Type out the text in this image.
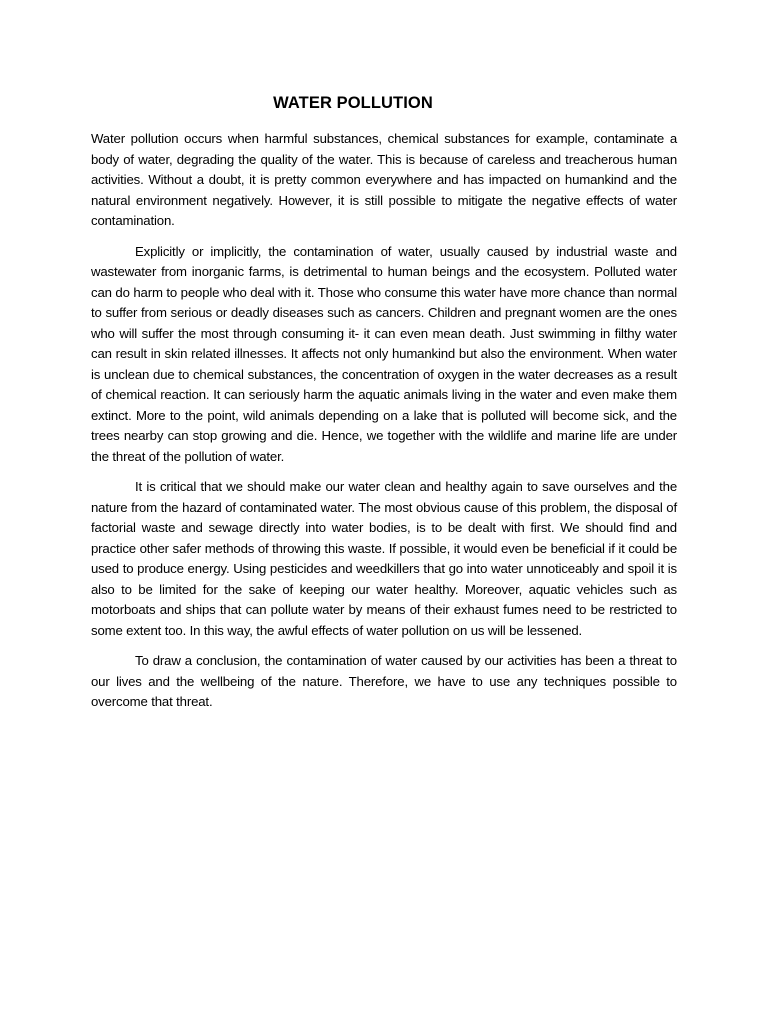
WATER POLLUTION

Water pollution occurs when harmful substances, chemical substances for example, contaminate a body of water, degrading the quality of the water. This is because of careless and treacherous human activities. Without a doubt, it is pretty common everywhere and has impacted on humankind and the natural environment negatively. However, it is still possible to mitigate the negative effects of water contamination.

Explicitly or implicitly, the contamination of water, usually caused by industrial waste and wastewater from inorganic farms, is detrimental to human beings and the ecosystem. Polluted water can do harm to people who deal with it. Those who consume this water have more chance than normal to suffer from serious or deadly diseases such as cancers. Children and pregnant women are the ones who will suffer the most through consuming it- it can even mean death. Just swimming in filthy water can result in skin related illnesses. It affects not only humankind but also the environment. When water is unclean due to chemical substances, the concentration of oxygen in the water decreases as a result of chemical reaction. It can seriously harm the aquatic animals living in the water and even make them extinct. More to the point, wild animals depending on a lake that is polluted will become sick, and the trees nearby can stop growing and die. Hence, we together with the wildlife and marine life are under the threat of the pollution of water.

It is critical that we should make our water clean and healthy again to save ourselves and the nature from the hazard of contaminated water. The most obvious cause of this problem, the disposal of factorial waste and sewage directly into water bodies, is to be dealt with first. We should find and practice other safer methods of throwing this waste. If possible, it would even be beneficial if it could be used to produce energy. Using pesticides and weedkillers that go into water unnoticeably and spoil it is also to be limited for the sake of keeping our water healthy. Moreover, aquatic vehicles such as motorboats and ships that can pollute water by means of their exhaust fumes need to be restricted to some extent too. In this way, the awful effects of water pollution on us will be lessened.

To draw a conclusion, the contamination of water caused by our activities has been a threat to our lives and the wellbeing of the nature. Therefore, we have to use any techniques possible to overcome that threat.
